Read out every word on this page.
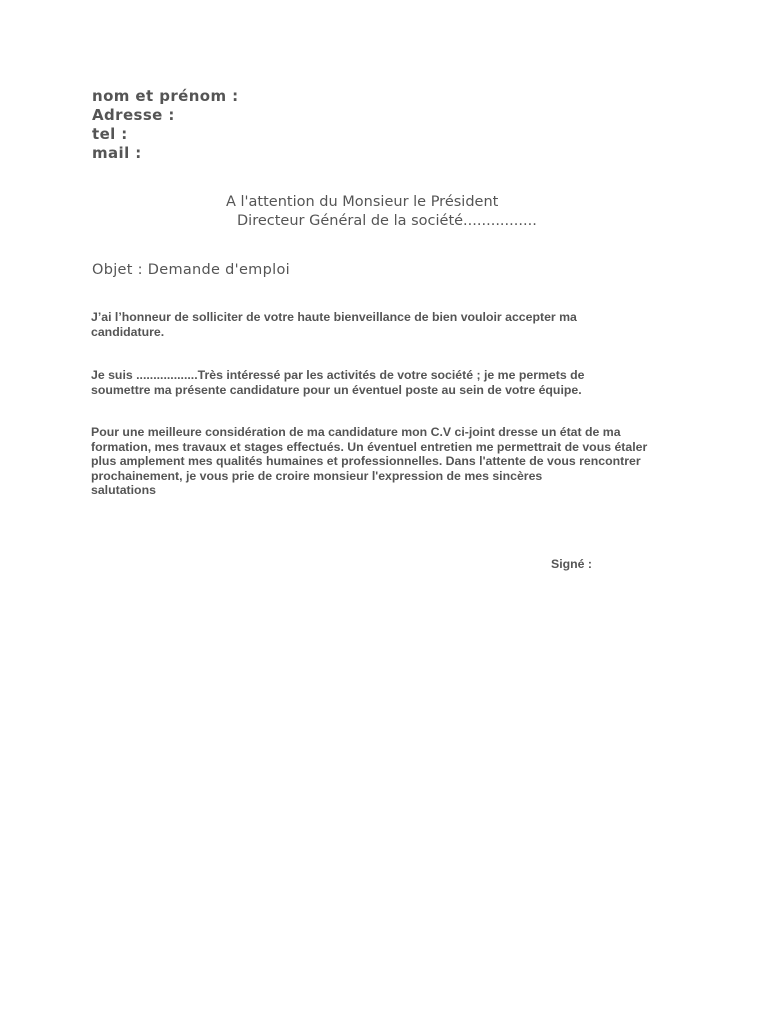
nom et prénom :
Adresse :
tel :
mail :
A l'attention du Monsieur le Président
Directeur Général de la société................
Objet : Demande d'emploi
J’ai l’honneur de solliciter de votre haute bienveillance de bien vouloir accepter ma
candidature.
Je suis ..................Très intéressé par les activités de votre société ; je me permets de
soumettre ma présente candidature pour un éventuel poste au sein de votre équipe.
Pour une meilleure considération de ma candidature mon C.V ci-joint dresse un état de ma
formation, mes travaux et stages effectués. Un éventuel entretien me permettrait de vous étaler
plus amplement mes qualités humaines et professionnelles. Dans l'attente de vous rencontrer
prochainement, je vous prie de croire monsieur l'expression de mes sincères
salutations
Signé :
